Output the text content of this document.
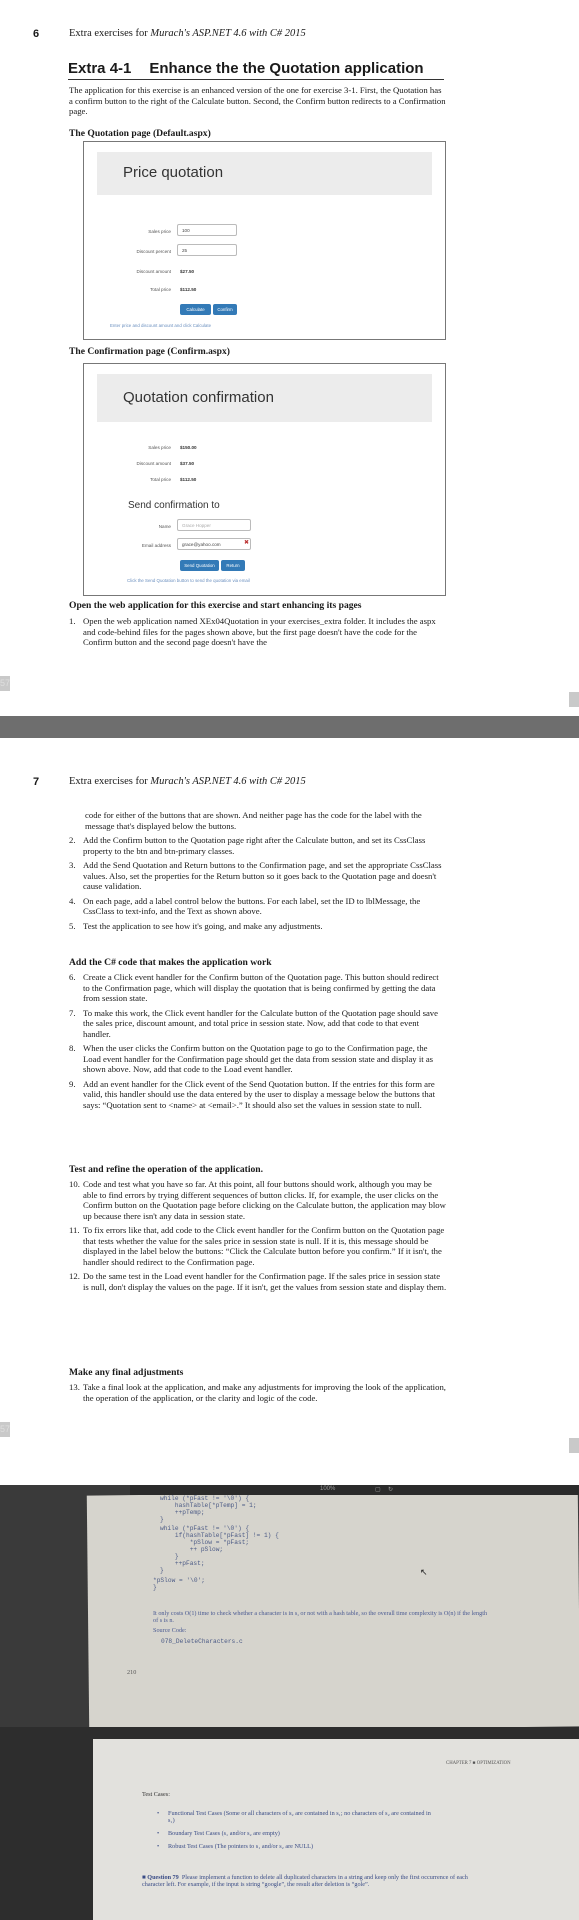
6	Extra exercises for Murach's ASP.NET 4.6 with C# 2015
Extra 4-1 Enhance the the Quotation application
The application for this exercise is an enhanced version of the one for exercise 3-1. First, the Quotation has a confirm button to the right of the Calculate button. Second, the Confirm button redirects to a Confirmation page.
The Quotation page (Default.aspx)
Price quotation
Sales price	100
Discount percent	25
Discount amount $27.50
Total price $112.50
Calculate	Confirm
Enter price and discount amount and click Calculate
The Confirmation page (Confirm.aspx)
Quotation confirmation
Sales price $150.00
Discount amount $37.50
Total price $112.50
Send confirmation to
Name	Grace Hopper
Email address	grace@yahoo.com	✖
Send Quotation	Return
Click the Send Quotation button to send the quotation via email
Open the web application for this exercise and start enhancing its pages
1. Open the web application named XEx04Quotation in your exercises_extra folder. It includes the aspx and code-behind files for the pages shown above, but the first page doesn't have the code for the Confirm button and the second page doesn't have the
57
7	Extra exercises for Murach's ASP.NET 4.6 with C# 2015
code for either of the buttons that are shown. And neither page has the code for the label with the message that's displayed below the buttons.
2. Add the Confirm button to the Quotation page right after the Calculate button, and set its CssClass property to the btn and btn-primary classes.
3. Add the Send Quotation and Return buttons to the Confirmation page, and set the appropriate CssClass values. Also, set the properties for the Return button so it goes back to the Quotation page and doesn't cause validation.
4. On each page, add a label control below the buttons. For each label, set the ID to lblMessage, the CssClass to text-info, and the Text as shown above.
5. Test the application to see how it's going, and make any adjustments.
Add the C# code that makes the application work
6. Create a Click event handler for the Confirm button of the Quotation page. This button should redirect to the Confirmation page, which will display the quotation that is being confirmed by getting the data from session state.
7. To make this work, the Click event handler for the Calculate button of the Quotation page should save the sales price, discount amount, and total price in session state. Now, add that code to that event handler.
8. When the user clicks the Confirm button on the Quotation page to go to the Confirmation page, the Load event handler for the Confirmation page should get the data from session state and display it as shown above. Now, add that code to the Load event handler.
9. Add an event handler for the Click event of the Send Quotation button. If the entries for this form are valid, this handler should use the data entered by the user to display a message below the buttons that says: “Quotation sent to <name> at <email>.” It should also set the values in session state to null.
Test and refine the operation of the application.
10. Code and test what you have so far. At this point, all four buttons should work, although you may be able to find errors by trying different sequences of button clicks. If, for example, the user clicks on the Confirm button on the Quotation page before clicking on the Calculate button, the application may blow up because there isn't any data in session state.
11. To fix errors like that, add code to the Click event handler for the Confirm button on the Quotation page that tests whether the value for the sales price in session state is null. If it is, this message should be displayed in the label below the buttons: “Click the Calculate button before you confirm.” If it isn't, the handler should redirect to the Confirmation page.
12. Do the same test in the Load event handler for the Confirmation page. If the sales price in session state is null, don't display the values on the page. If it isn't, get the values from session state and display them.
Make any final adjustments
13. Take a final look at the application, and make any adjustments for improving the look of the application, the operation of the application, or the clarity and logic of the code.
57
100%	▢ ↻
while (*pFast != '\0') {
hashTable[*pTemp] = 1;
++pTemp;
}
while (*pFast != '\0') {
if(hashTable[*pFast] != 1) {
*pSlow = *pFast;
++ pSlow;
}
++pFast;
}
*pSlow = '\0';
}
↖
It only costs O(1) time to check whether a character is in s, or not with a hash table, so the overall time complexity is O(n) if the length of s is n.
Source Code:
078_DeleteCharacters.c
210
CHAPTER 7 ■ OPTIMIZATION
Test Cases:
• Functional Test Cases (Some or all characters of s₂ are contained in s₁; no characters of s₂ are contained in s₁)
• Boundary Test Cases (s₁ and/or s₂ are empty)
• Robust Test Cases (The pointers to s₁ and/or s₂ are NULL)
■ Question 79 Please implement a function to delete all duplicated characters in a string and keep only the first occurrence of each character left. For example, if the input is string “google”, the result after deletion is “gole”.
